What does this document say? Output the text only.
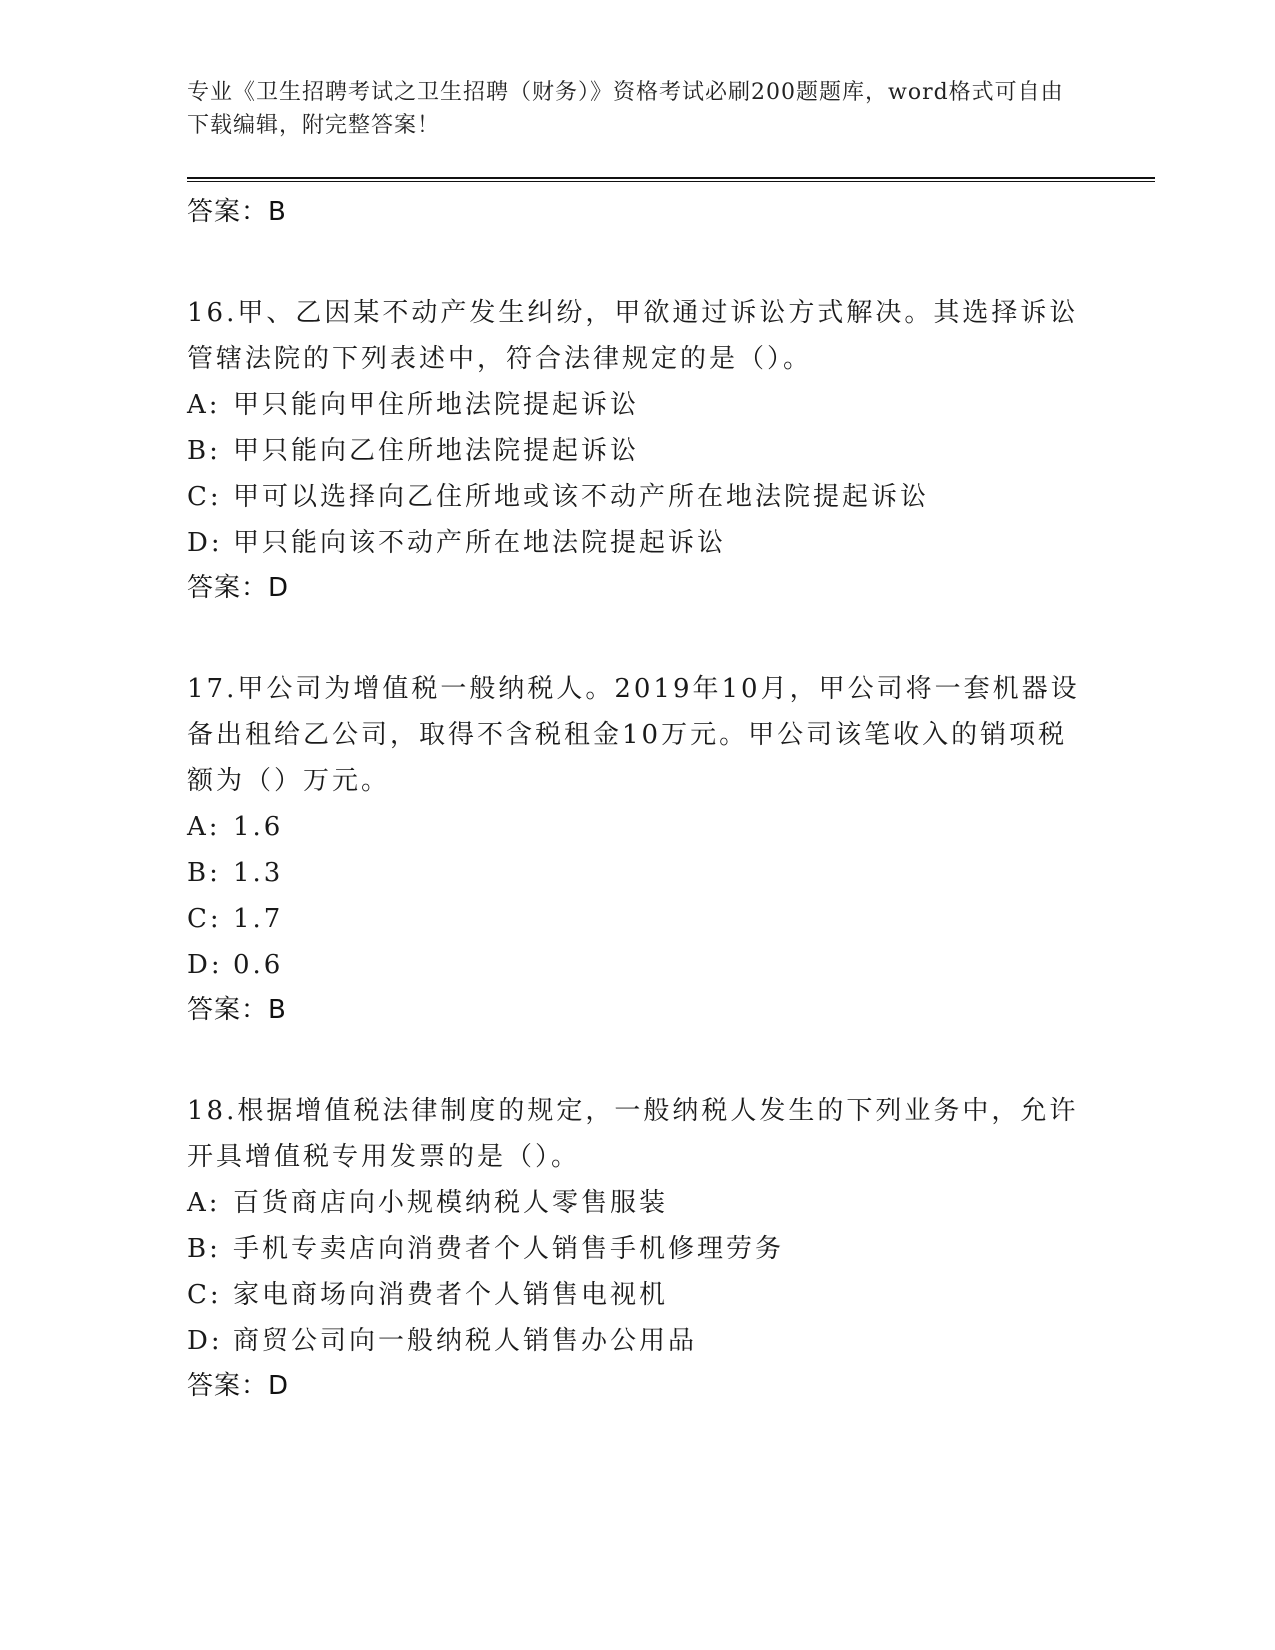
专业《卫生招聘考试之卫生招聘（财务）》资格考试必刷200题题库，word格式可自由下载编辑，附完整答案！
答案：B
16.甲、乙因某不动产发生纠纷，甲欲通过诉讼方式解决。其选择诉讼管辖法院的下列表述中，符合法律规定的是（）。
A: 甲只能向甲住所地法院提起诉讼
B: 甲只能向乙住所地法院提起诉讼
C: 甲可以选择向乙住所地或该不动产所在地法院提起诉讼
D: 甲只能向该不动产所在地法院提起诉讼
答案：D
17.甲公司为增值税一般纳税人。2019年10月，甲公司将一套机器设备出租给乙公司，取得不含税租金10万元。甲公司该笔收入的销项税额为（）万元。
A: 1.6
B: 1.3
C: 1.7
D: 0.6
答案：B
18.根据增值税法律制度的规定，一般纳税人发生的下列业务中，允许开具增值税专用发票的是（）。
A: 百货商店向小规模纳税人零售服装
B: 手机专卖店向消费者个人销售手机修理劳务
C: 家电商场向消费者个人销售电视机
D: 商贸公司向一般纳税人销售办公用品
答案：D
